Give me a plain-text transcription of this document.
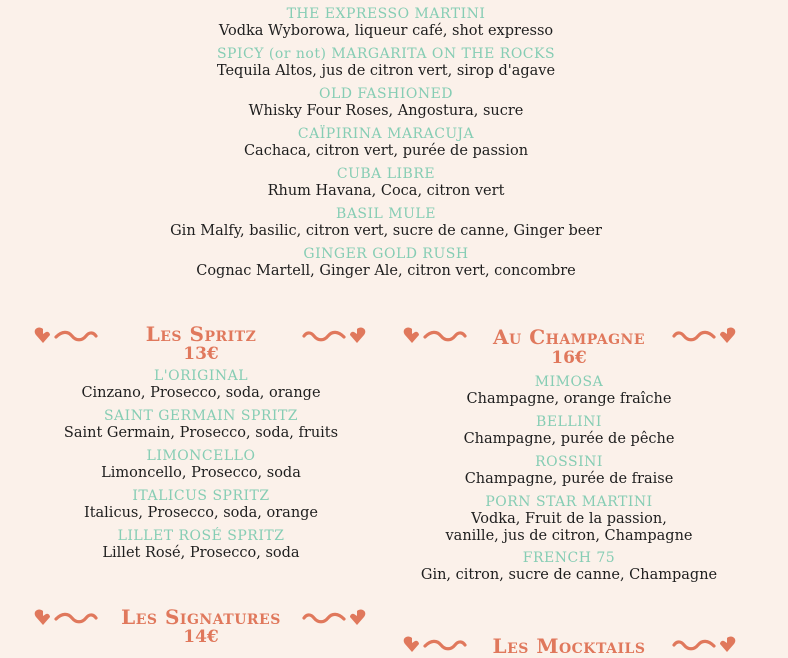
THE EXPRESSO MARTINI
Vodka Wyborowa, liqueur café, shot expresso
SPICY (or not) MARGARITA ON THE ROCKS
Tequila Altos, jus de citron vert, sirop d'agave
OLD FASHIONED
Whisky Four Roses, Angostura, sucre
CAÏPIRINA MARACUJA
Cachaca, citron vert, purée de passion
CUBA LIBRE
Rhum Havana, Coca, citron vert
BASIL MULE
Gin Malfy, basilic, citron vert, sucre de canne, Ginger beer
GINGER GOLD RUSH
Cognac Martell, Ginger Ale, citron vert, concombre
Les Spritz
13€
L'ORIGINAL
Cinzano, Prosecco, soda, orange
SAINT GERMAIN SPRITZ
Saint Germain, Prosecco, soda, fruits
LIMONCELLO
Limoncello, Prosecco, soda
ITALICUS SPRITZ
Italicus, Prosecco, soda, orange
LILLET ROSÉ SPRITZ
Lillet Rosé, Prosecco, soda
Au Champagne
16€
MIMOSA
Champagne, orange fraîche
BELLINI
Champagne, purée de pêche
ROSSINI
Champagne, purée de fraise
PORN STAR MARTINI
Vodka, Fruit de la passion,
vanille, jus de citron, Champagne
FRENCH 75
Gin, citron, sucre de canne, Champagne
Les Signatures
14€	Les Mocktails
